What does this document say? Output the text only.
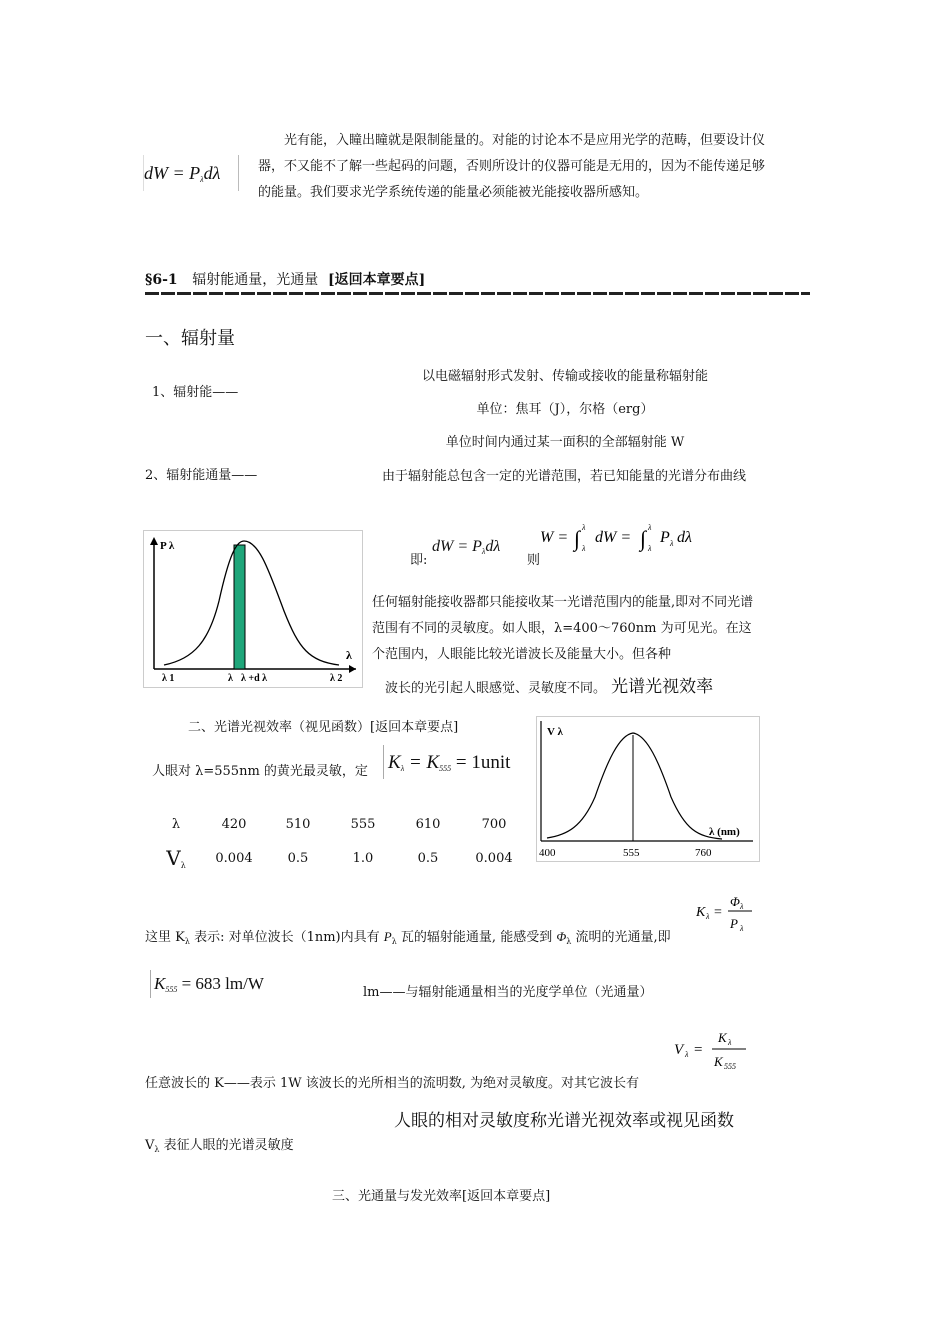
dW = $P_\lambda d\lambda$
光有能，入瞳出瞳就是限制能量的。对能的讨论本不是应用光学的范畴，但要设计仪器，不又能不了解一些起码的问题，否则所设计的仪器可能是无用的，因为不能传递足够的能量。我们要求光学系统传递的能量必须能被光能接收器所感知。
§6-1 辐射能通量，光通量 [返回本章要点]
一、辐射量
1、辐射能——
以电磁辐射形式发射、传输或接收的能量称辐射能
单位：焦耳（J），尔格（erg）
单位时间内通过某一面积的全部辐射能 W
2、辐射能通量——	由于辐射能总包含一定的光谱范围，若已知能量的光谱分布曲线
即:
dW = $P_\lambda d\lambda$
则
W = ∫ λ
λ
dW = ∫ λ
λ
P λ dλ
P λ
λ
λ 1	λ λ +d λ	λ 2
任何辐射能接收器都只能接收某一光谱范围内的能量,即对不同光谱范围有不同的灵敏度。如人眼，λ=400～760nm 为可见光。在这个范围内，人眼能比较光谱波长及能量大小。但各种
波长的光引起人眼感觉、灵敏度不同。 光谱光视效率
二、光谱光视效率（视见函数）[返回本章要点]
人眼对 λ=555nm 的黄光最灵敏，定 $K_\lambda = K_{555}$ = 1unit
λ	420	510	555	610	700
$V_\lambda$	0.004	0.5	1.0	0.5	0.004
V λ
λ (nm)
400	555	760
K λ =
Φ λ
P λ
这里 $K_\lambda$ 表示: 对单位波长（1nm)内具有 $P_\lambda$ 瓦的辐射能通量, 能感受到 $\Phi_\lambda$ 流明的光通量,即
$K_{555} = 683$ lm/W	lm——与辐射能通量相当的光度学单位（光通量）
V λ =
K λ
K 555
任意波长的 K——表示 1W 该波长的光所相当的流明数, 为绝对灵敏度。对其它波长有
$V_\lambda$ 表征人眼的光谱灵敏度
人眼的相对灵敏度称光谱光视效率或视见函数
三、光通量与发光效率[返回本章要点]
